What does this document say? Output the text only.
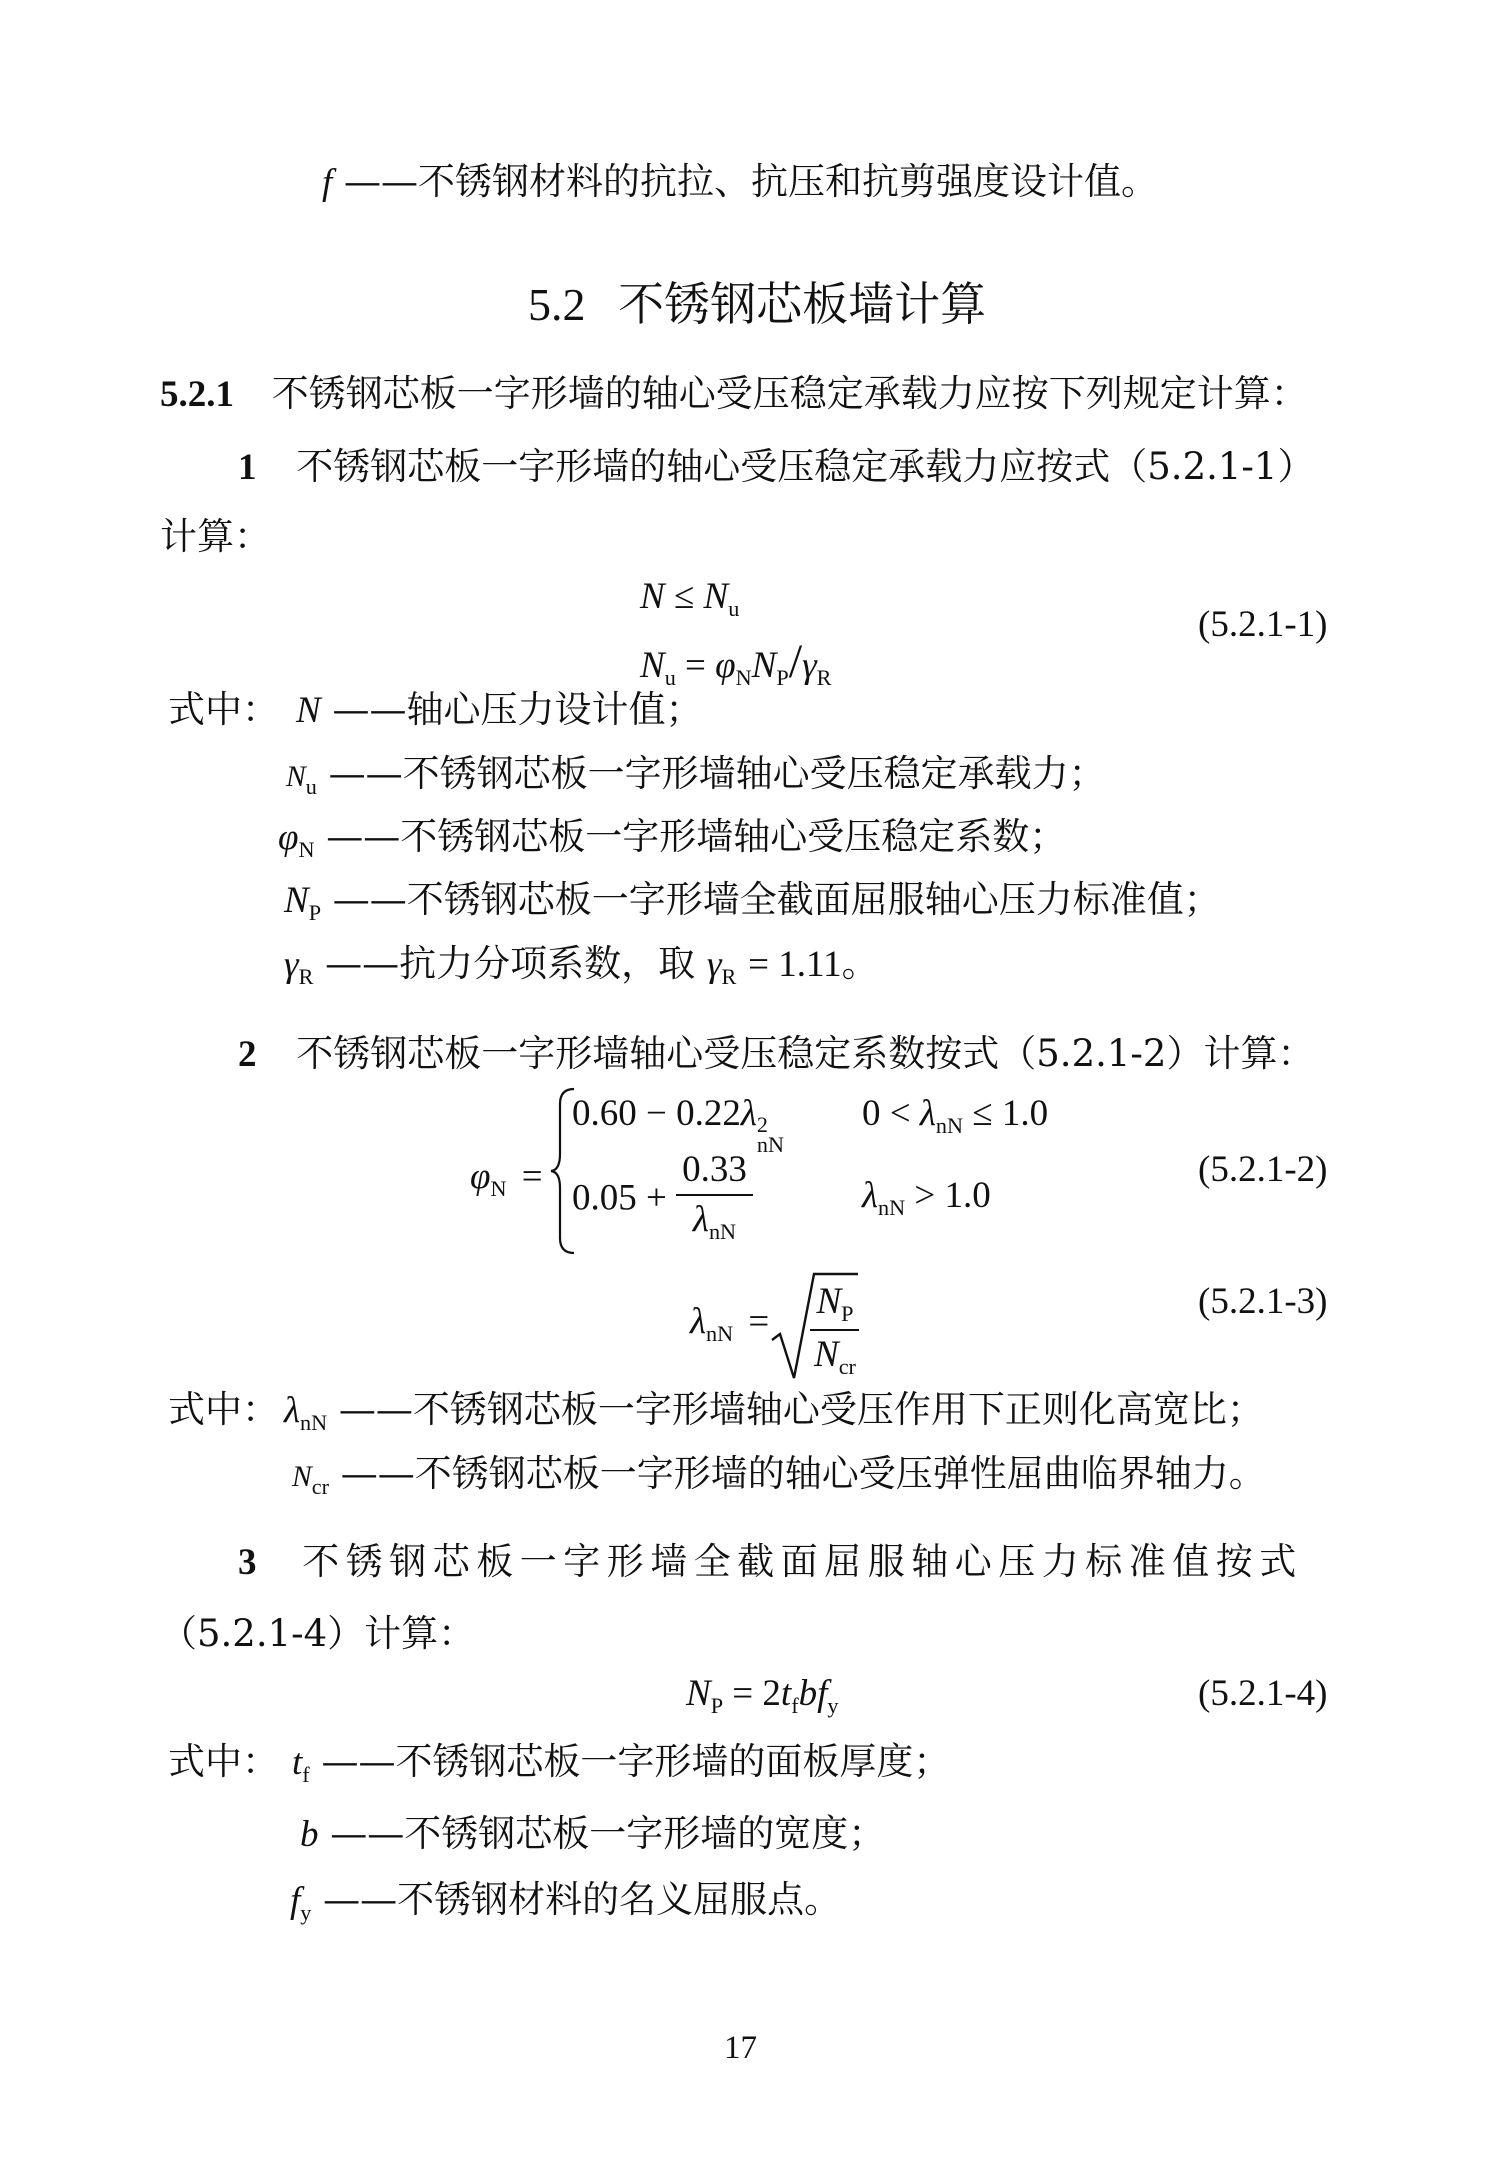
f ——不锈钢材料的抗拉、抗压和抗剪强度设计值。
5.2 不锈钢芯板墙计算
5.2.1 不锈钢芯板一字形墙的轴心受压稳定承载力应按下列规定计算：
1 不锈钢芯板一字形墙的轴心受压稳定承载力应按式（5.2.1-1）
计算：
$N \le N_u$
$N_u = \varphi_NN_P/\gamma_R$
(5.2.1-1)
式中： N ——轴心压力设计值；
$N_u$ ——不锈钢芯板一字形墙轴心受压稳定承载力；
$\varphi_N$ ——不锈钢芯板一字形墙轴心受压稳定系数；
$N_P$ ——不锈钢芯板一字形墙全截面屈服轴心压力标准值；
$\gamma_R$ ——抗力分项系数，取 $\gamma_R = 1.11$。
2 不锈钢芯板一字形墙轴心受压稳定系数按式（5.2.1-2）计算：
$\varphi_N$ =
0.60 − 0.22λ 2
nN
$0 < \lambda_{nN} \le 1.0$
$0.05 + \frac{0.33}{\lambda_{nN}}$	$\lambda_{nN} > 1.0$
(5.2.1-2)
$\lambda_{nN} = \frac{N_P}{N_{cr}}$	(5.2.1-3)
式中： $\lambda_{nN}$ ——不锈钢芯板一字形墙轴心受压作用下正则化高宽比；
$N_{cr}$ ——不锈钢芯板一字形墙的轴心受压弹性屈曲临界轴力。
3 不锈钢芯板一字形墙全截面屈服轴心压力标准值按式
（5.2.1-4）计算：
$N_P = 2t_fbf_y$	(5.2.1-4)
式中： $t_f$ ——不锈钢芯板一字形墙的面板厚度；
b ——不锈钢芯板一字形墙的宽度；
$f_y$ ——不锈钢材料的名义屈服点。
17
